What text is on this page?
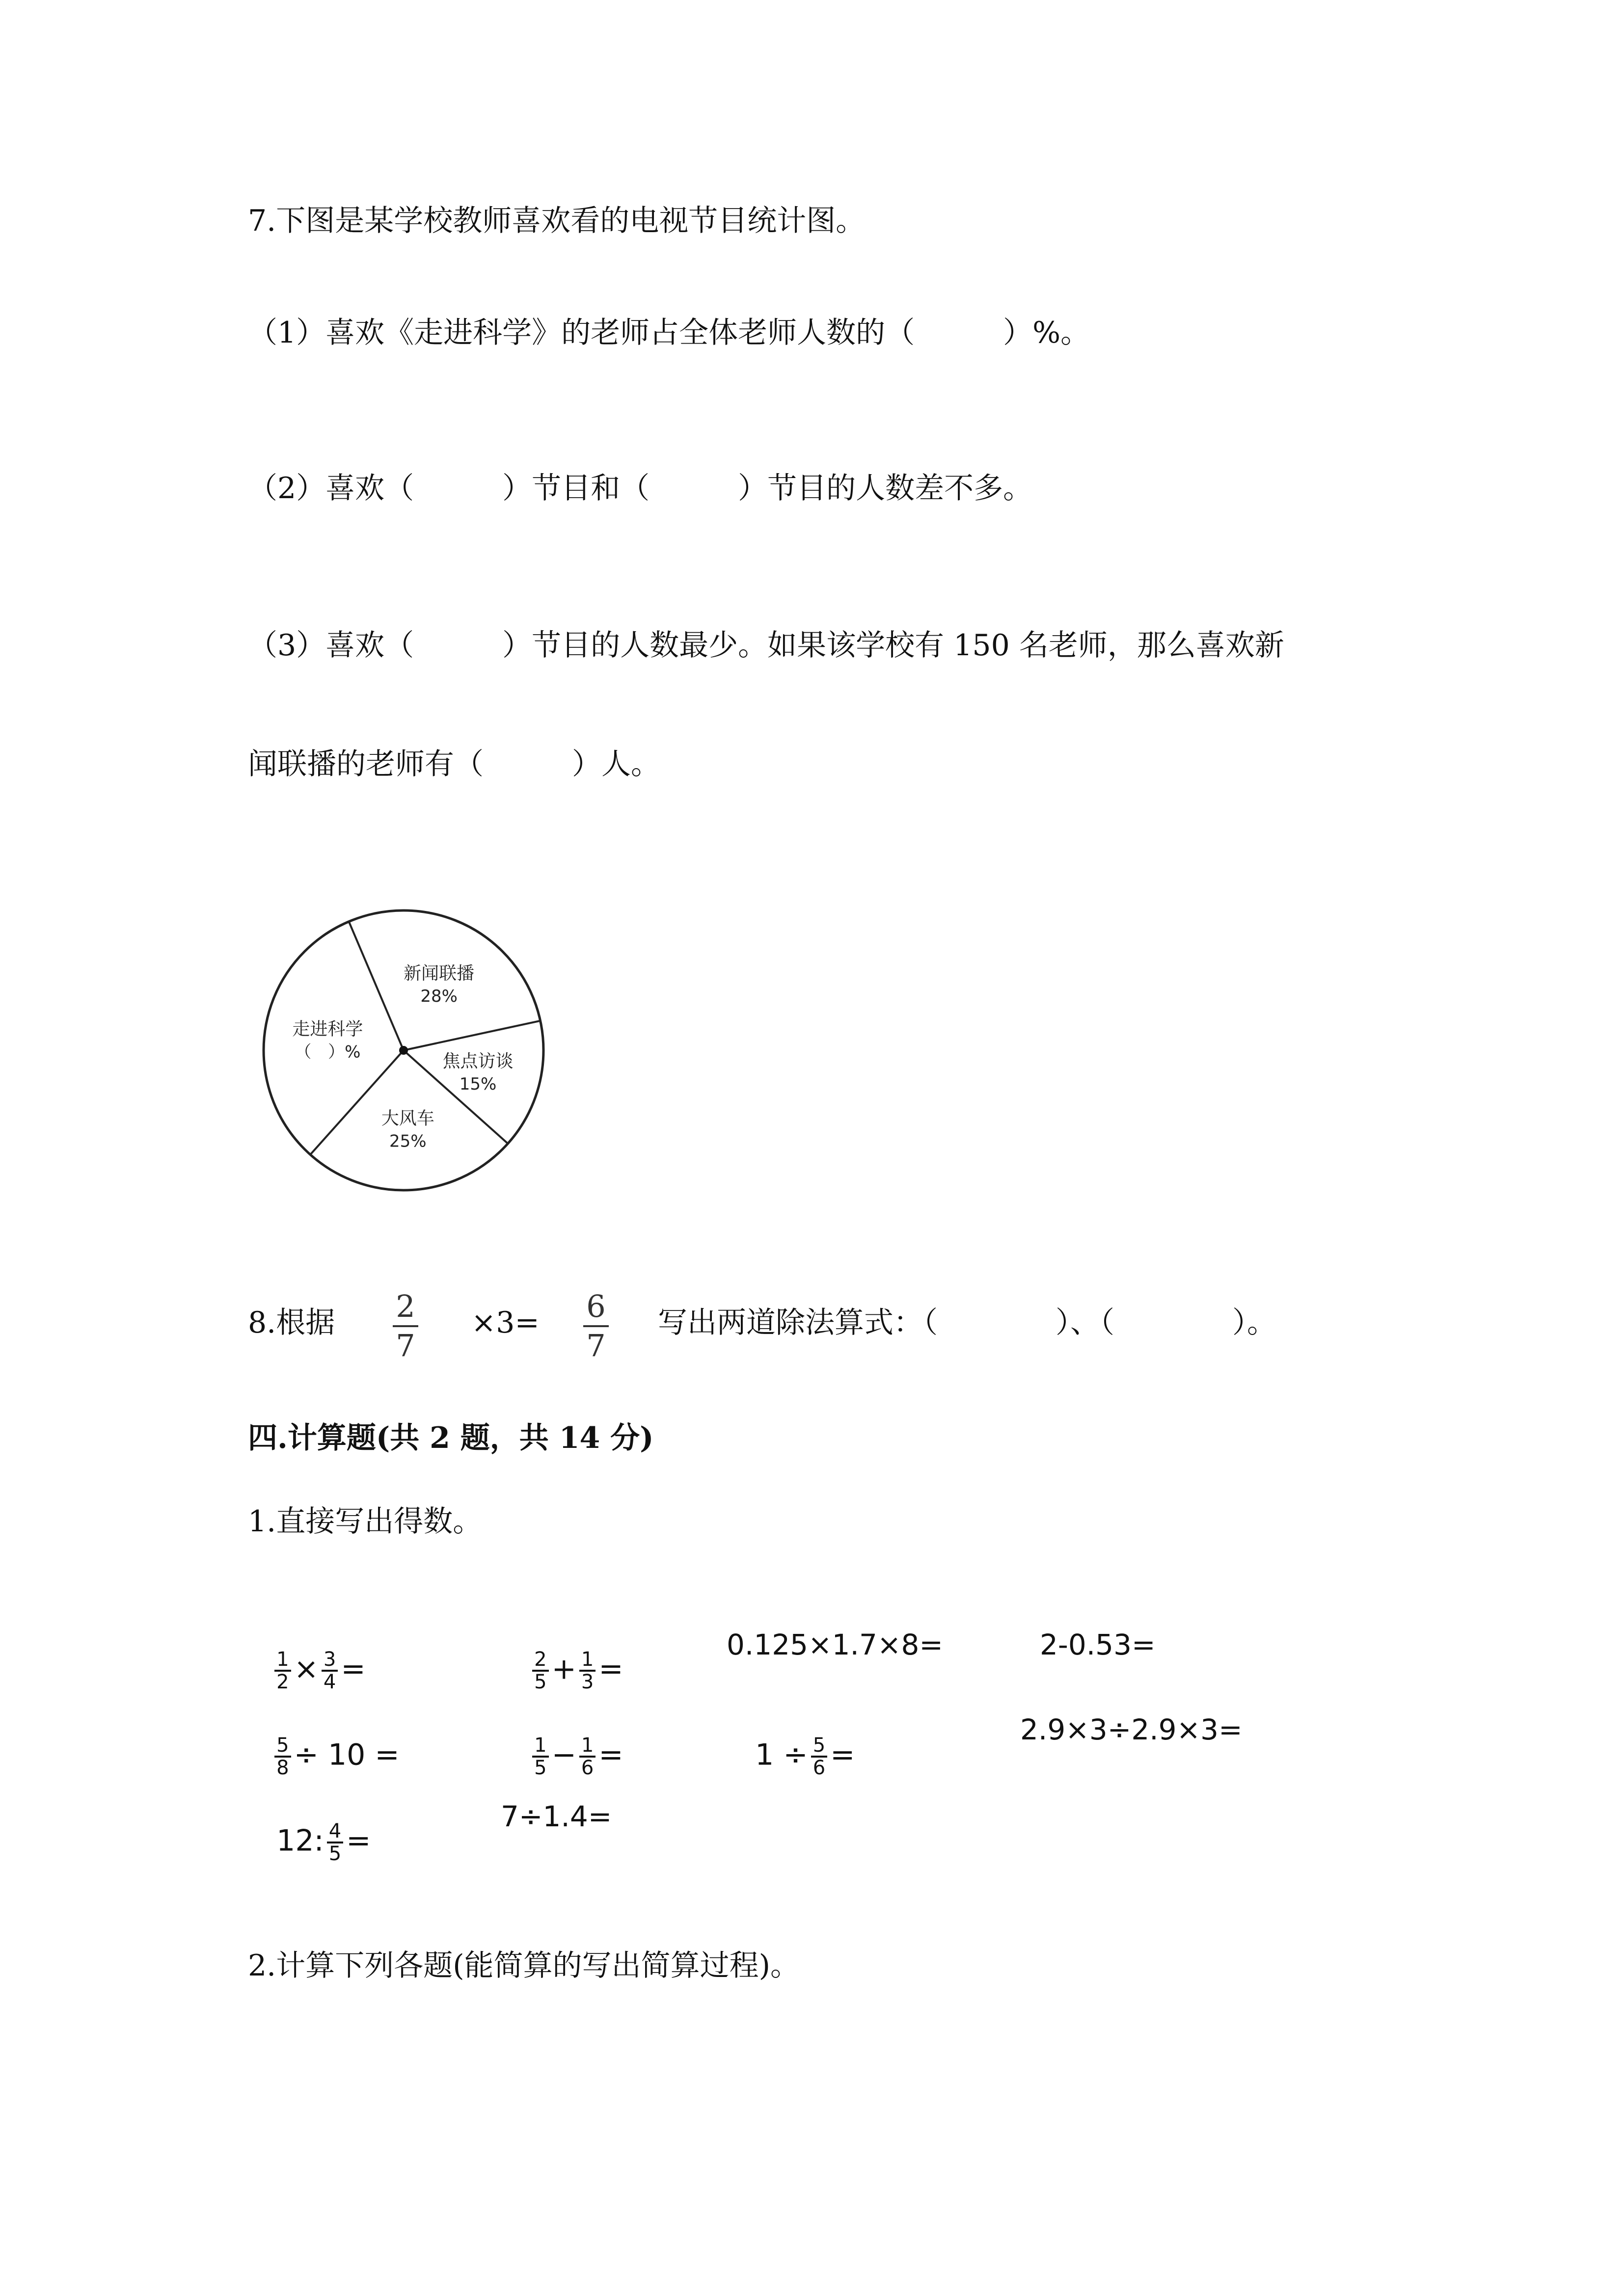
7.下图是某学校教师喜欢看的电视节目统计图。
（1）喜欢《走进科学》的老师占全体老师人数的（　　　）%。
（2）喜欢（　　　）节目和（　　　）节目的人数差不多。
（3）喜欢（　　　）节目的人数最少。如果该学校有 150 名老师，那么喜欢新
闻联播的老师有（　　　）人。
新闻联播
28%
焦点访谈
15%
大风车
25%
走进科学
（　）%
8.根据 2
7
×3= 6
7
写出两道除法算式：（　　　　）、（　　　　）。
四.计算题(共 2 题，共 14 分)
1.直接写出得数。

$\frac{1}{2} \times \frac{3}{4}$ =

	$\frac{2}{5} + \frac{1}{3}$ =

0.125×1.7×8=	2-0.53=

$\frac{5}{8} \div 10$ =

	$\frac{1}{5} - \frac{1}{6}$ =	$1 \div \frac{5}{6}$ =

2.9×3÷2.9×3=

12: $\frac{4}{5}$ =

7÷1.4=
2.计算下列各题(能简算的写出简算过程)。
